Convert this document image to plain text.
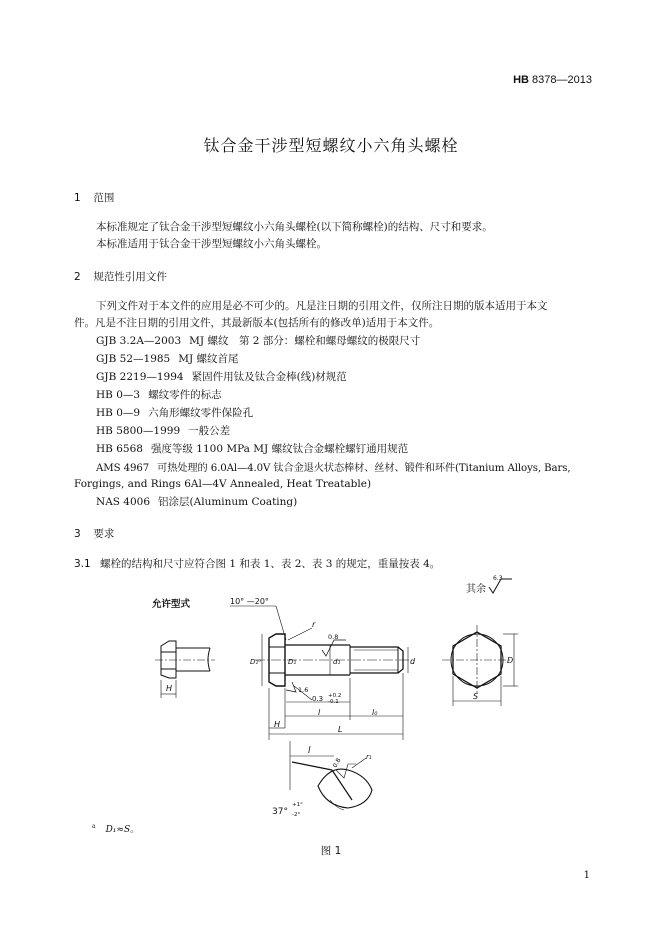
HB 8378—2013
钛合金干涉型短螺纹小六角头螺栓
1 范围
本标准规定了钛合金干涉型短螺纹小六角头螺栓(以下简称螺栓)的结构、尺寸和要求。
本标准适用于钛合金干涉型短螺纹小六角头螺栓。
2 规范性引用文件
下列文件对于本文件的应用是必不可少的。凡是注日期的引用文件，仅所注日期的版本适用于本文
件。凡是不注日期的引用文件，其最新版本(包括所有的修改单)适用于本文件。
GJB 3.2A—2003 MJ 螺纹　第 2 部分：螺栓和螺母螺纹的极限尺寸
GJB 52—1985 MJ 螺纹首尾
GJB 2219—1994 紧固件用钛及钛合金棒(线)材规范
HB 0—3 螺纹零件的标志
HB 0—9 六角形螺纹零件保险孔
HB 5800—1999 一般公差
HB 6568 强度等级 1100 MPa MJ 螺纹钛合金螺栓螺钉通用规范
AMS 4967 可热处理的 6.0Al—4.0V 钛合金退火状态棒材、丝材、锻件和环件(Titanium Alloys, Bars,
Forgings, and Rings 6Al—4V Annealed, Heat Treatable)
NAS 4006 铝涂层(Aluminum Coating)
3 要求
3.1 螺栓的结构和尺寸应符合图 1 和表 1、表 2、表 3 的规定，重量按表 4。
其余
6.3
允许型式
H
10° —20°
r
0.8
1.6
D₁ᵃ	D₁	d₁	d
0.3 +0.2
-0.1
l	l₀
H
L
D
S
l
0.8
r₁
37°
+1°
-2°
$^a$ D₁≈S。
图 1
1
